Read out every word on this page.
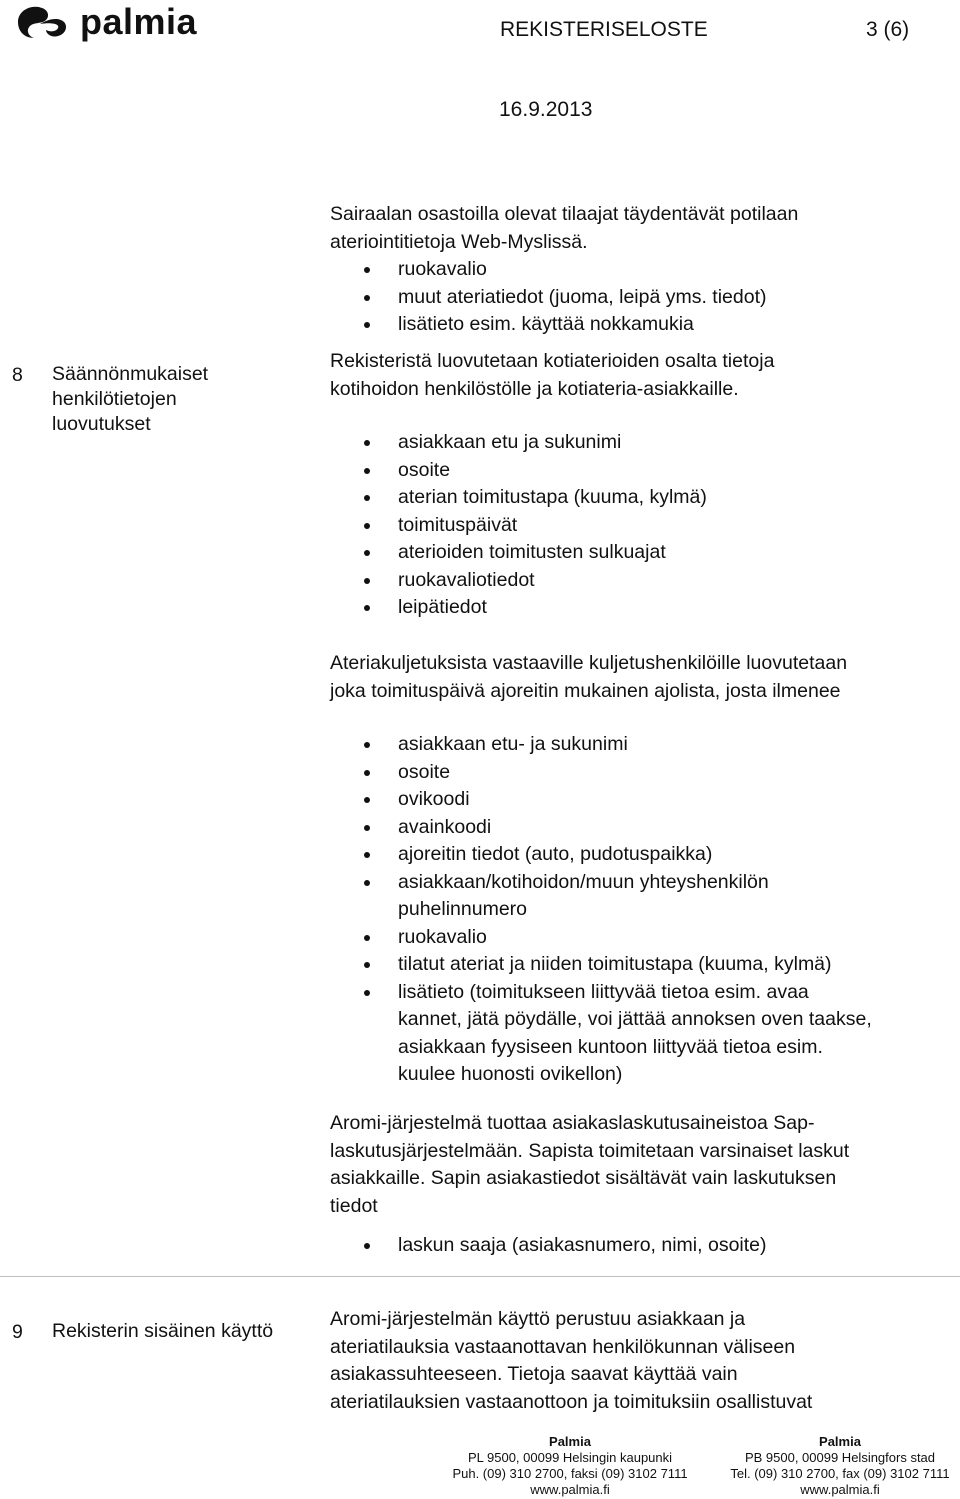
palmia	REKISTERISELOSTE	3 (6)
16.9.2013
8 Säännönmukaiset
henkilötietojen
luovutukset
Sairaalan osastoilla olevat tilaajat täydentävät potilaan
ateriointitietoja Web-Myslissä.
ruokavalio
muut ateriatiedot (juoma, leipä yms. tiedot)
lisätieto esim. käyttää nokkamukia
Rekisteristä luovutetaan kotiaterioiden osalta tietoja
kotihoidon henkilöstölle ja kotiateria-asiakkaille.
asiakkaan etu ja sukunimi
osoite
aterian toimitustapa (kuuma, kylmä)
toimituspäivät
aterioiden toimitusten sulkuajat
ruokavaliotiedot
leipätiedot
Ateriakuljetuksista vastaaville kuljetushenkilöille luovutetaan
joka toimituspäivä ajoreitin mukainen ajolista, josta ilmenee
asiakkaan etu- ja sukunimi
osoite
ovikoodi
avainkoodi
ajoreitin tiedot (auto, pudotuspaikka)
asiakkaan/kotihoidon/muun yhteyshenkilön
puhelinnumero
ruokavalio
tilatut ateriat ja niiden toimitustapa (kuuma, kylmä)
lisätieto (toimitukseen liittyvää tietoa esim. avaa
kannet, jätä pöydälle, voi jättää annoksen oven taakse,
asiakkaan fyysiseen kuntoon liittyvää tietoa esim.
kuulee huonosti ovikellon)
Aromi-järjestelmä tuottaa asiakaslaskutusaineistoa Sap-
laskutusjärjestelmään. Sapista toimitetaan varsinaiset laskut
asiakkaille. Sapin asiakastiedot sisältävät vain laskutuksen
tiedot
laskun saaja (asiakasnumero, nimi, osoite)
9 Rekisterin sisäinen käyttö
Aromi-järjestelmän käyttö perustuu asiakkaan ja
ateriatilauksia vastaanottavan henkilökunnan väliseen
asiakassuhteeseen. Tietoja saavat käyttää vain
ateriatilauksien vastaanottoon ja toimituksiin osallistuvat
Palmia
PL 9500, 00099 Helsingin kaupunki
Puh. (09) 310 2700, faksi (09) 3102 7111
www.palmia.fi
Palmia
PB 9500, 00099 Helsingfors stad
Tel. (09) 310 2700, fax (09) 3102 7111
www.palmia.fi
